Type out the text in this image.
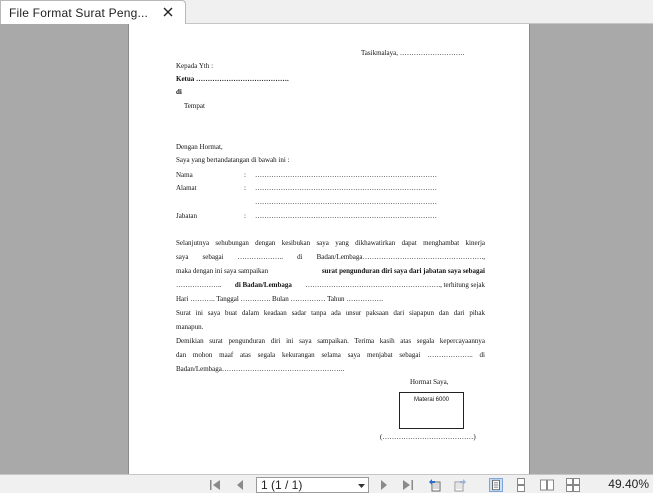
File Format Surat Peng...
Tasikmalaya, ……………………….
Kepada Yth :
Ketua ………………………………….
di
Tempat
Dengan Hormat,
Saya yang bertandatangan di bawah ini :
Nama	: ……………………………………………………………………
Alamat	: ……………………………………………………………………
……………………………………………………………………
Jabatan	: ……………………………………………………………………
Selanjutnya sehubungan dengan kesibukan saya yang dikhawatirkan dapat menghambat kinerja
saya sebagai ……………….. di Badan/Lembaga…………………………………………….,
maka dengan ini saya sampaikan	surat pengunduran diri saya dari jabatan saya sebagai
……………….. di Badan/Lembaga …………………………………………………., terhitung sejak
Hari ……….. Tanggal …………. Bulan …………… Tahun …………….
Surat ini saya buat dalam keadaan sadar tanpa ada unsur paksaan dari siapapun dan dari pihak
manapun.
Demikian surat pengunduran diri ini saya sampaikan. Terima kasih atas segala kepercayaannya
dan mohon maaf atas segala kekurangan selama saya menjabat sebagai ……………….. di
Badan/Lembaga……………………………………………..
Hormat Saya,
Materai 6000
(…………………………………)
1 (1 / 1)	49.40%
